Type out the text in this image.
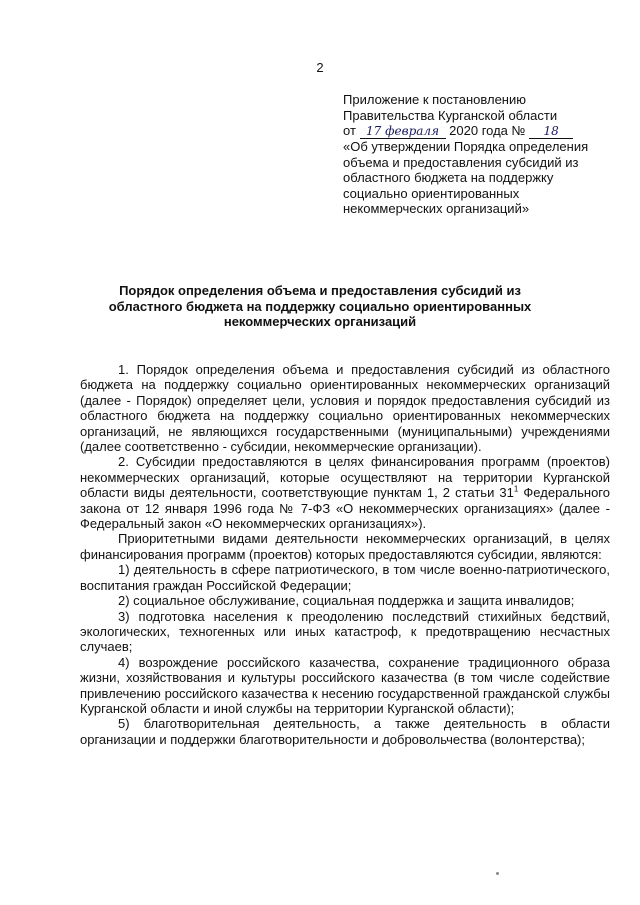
2
Приложение к постановлению
Правительства Курганской области
от 17 февраля 2020 года № 18
«Об утверждении Порядка определения
объема и предоставления субсидий из
областного бюджета на поддержку
социально ориентированных
некоммерческих организаций»
Порядок определения объема и предоставления субсидий из областного бюджета на поддержку социально ориентированных некоммерческих организаций

1. Порядок определения объема и предоставления субсидий из областного бюджета на поддержку социально ориентированных некоммерческих организаций (далее - Порядок) определяет цели, условия и порядок предоставления субсидий из областного бюджета на поддержку социально ориентированных некоммерческих организаций, не являющихся государственными (муниципальными) учреждениями (далее соответственно - субсидии, некоммерческие организации).

2. Субсидии предоставляются в целях финансирования программ (проектов) некоммерческих организаций, которые осуществляют на территории Курганской области виды деятельности, соответствующие пунктам 1, 2 статьи $31^1$ Федерального закона от 12 января 1996 года № 7-ФЗ «О некоммерческих организациях» (далее - Федеральный закон «О некоммерческих организациях»).

Приоритетными видами деятельности некоммерческих организаций, в целях финансирования программ (проектов) которых предоставляются субсидии, являются:

1) деятельность в сфере патриотического, в том числе военно-патриотического, воспитания граждан Российской Федерации;

2) социальное обслуживание, социальная поддержка и защита инвалидов;

3) подготовка населения к преодолению последствий стихийных бедствий, экологических, техногенных или иных катастроф, к предотвращению несчастных случаев;

4) возрождение российского казачества, сохранение традиционного образа жизни, хозяйствования и культуры российского казачества (в том числе содействие привлечению российского казачества к несению государственной гражданской службы Курганской области и иной службы на территории Курганской области);

5) благотворительная деятельность, а также деятельность в области организации и поддержки благотворительности и добровольчества (волонтерства);
